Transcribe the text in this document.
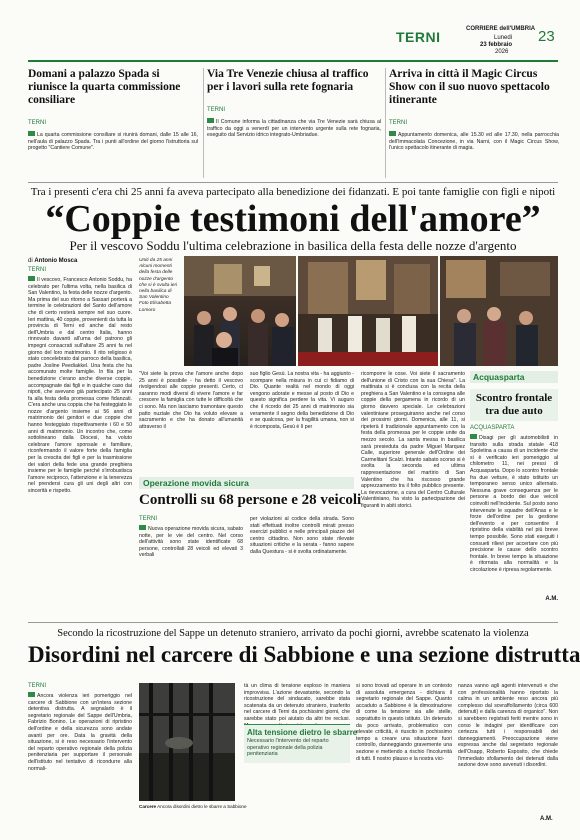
TERNI	CORRIERE dell'UMBRIA
Lunedì
23 febbraio
2026
23
Domani a palazzo Spada si riunisce la quarta commissione consiliare
TERNI
La quarta commissione consiliare si riunirà domani, dalle 15 alle 16, nell'aula di palazzo Spada. Tra i punti all'ordine del giorno l'istruttoria sul progetto "Cantiere Comune".
Via Tre Venezie chiusa al traffico per i lavori sulla rete fognaria
TERNI
Il Comune informa la cittadinanza che via Tre Venezie sarà chiusa al traffico da oggi a venerdì per un intervento urgente sulla rete fognaria, eseguito dal Servizio idrico integrato-Umbriadue.
Arriva in città il Magic Circus Show con il suo nuovo spettacolo itinerante
TERNI
Appuntamento domenica, alle 15.30 ed alle 17.30, nella parrocchia dell'Immacolata Concezione, in via Narni, con il Magic Circus Show, l'unico spettacolo itinerante di magia.
Tra i presenti c'era chi 25 anni fa aveva partecipato alla benedizione dei fidanzati. E poi tante famiglie con figli e nipoti
“Coppie testimoni dell'amore”
Per il vescovo Soddu l'ultima celebrazione in basilica della festa delle nozze d'argento
di Antonio Mosca
TERNI
Il vescovo, Francesco Antonio Soddu, ha celebrato per l'ultima volta, nella basilica di San Valentino, la festa delle nozze d'argento. Ma prima del suo ritorno a Sassari porterà a termine le celebrazioni del Santo dell'amore che di certo resterà sempre nel suo cuore. Ieri mattina, 40 coppie, provenienti da tutta la provincia di Terni ed anche dal resto dell'Umbria e dal centro Italia, hanno rinnovato davanti all'urna del patrono gli impegni consacrati sull'altare 25 anni fa nel giorno del loro matrimonio. Il rito religioso è stato concelebrato dal parroco della basilica, padre Josline Peediakkel. Una festa che ha accomunato molte famiglie. In fila per la benedizione c'erano anche diverse coppie, accompagnate dai figli e in qualche caso dai nipoti, che avevano già partecipato 25 anni fa alla festa della promessa come fidanzati. C'era anche una coppia che ha festeggiato le nozze d'argento insieme ai 56 anni di matrimonio dei genitori e due coppie che hanno festeggiato rispettivamente i 60 e 50 anni di matrimonio. Un incontro che, come sottolineano dalla Diocesi, ha voluto celebrare l'amore sponsale e familiare, riconfermando il valore forte della famiglia per la crescita dei figli e per la trasmissione dei valori della fede una grande preghiera insieme per le famiglie perché s'irrobustisca l'amore reciproco, l'attenzione e la tenerezza nel prendersi cura gli uni degli altri con sincerità e rispetto.
Uniti da 25 anni Alcuni momenti della festa delle nozze d'argento che si è svolta ieri nella basilica di San Valentino Foto Elisabetta Lomoro
"Voi siete la prova che l'amore anche dopo 25 anni è possibile - ha detto il vescovo rivolgendosi alle coppie presenti. Certo, ci saranno modi diversi di vivere l'amore e far crescere la famiglia con tutte le difficoltà che ci sono. Ma non lasciamo tramontare questo patto nuziale che Dio ha voluto elevare a sacramento e che ha donato all'umanità attraverso il
suo figlio Gesù. La nostra vita - ha aggiunto - scompare nella misura in cui ci fidiamo di Dio. Quante realtà nel mondo di oggi vengono adorate e messe al posto di Dio e questo significa perdere la vita. Vi auguro che il ricordo dei 25 anni di matrimonio sia veramente il segno della benedizione di Dio e se qualcosa, per la fragilità umana, non si è ricomposta, Gesù è lì per
ricomporre le cose. Voi siete il sacramento dell'unione di Cristo con la sua Chiesa". La mattinata si è conclusa con la recita della preghiera a San Valentino e la consegna alle coppie della pergamena in ricordo di un giorno davvero speciale. Le celebrazioni valentiniane proseguiranno anche nel corso dei prossimi giorni. Domenica, alle 11, si ripeterà il tradizionale appuntamento con la festa della promessa per le coppie unite da mezzo secolo. La santa messa in basilica sarà presieduta da padre Miguel Marquez Calle, superiore generale dell'Ordine dei Carmelitani Scalzi. Intanto sabato scorso si è svolta la seconda ed ultima rappresentazione del martirio di San Valentino che ha riscosso grande apprezzamento tra il folto pubblico presente. La rievocazione, a cura del Centro Culturale Valentiniano, ha visto la partecipazione dei figuranti in abiti storici.
Operazione movida sicura
Controlli su 68 persone e 28 veicoli
TERNI
Nuova operazione movida sicura, sabato notte, per le vie del centro. Nel corso dell'attività sono state identificate 68 persone, controllati 28 veicoli ed elevati 3 verbali
per violazioni al codice della strada. Sono stati effettuati inoltre controlli mirati presso esercizi pubblici e nelle principali piazze del centro cittadino. Non sono state rilevate situazioni critiche e la serata - fanno sapere dalla Questura - si è svolta ordinatamente.
Acquasparta
Scontro frontale tra due auto
ACQUASPARTA
Disagi per gli automobilisti in transito sulla strada statale 418 Spoletina a causa di un incidente che si è verificato ieri pomeriggio al chilometro 11, nei pressi di Acquasparta. Dopo lo scontro frontale fra due vetture, è stato istituito un temporaneo senso unico alternato. Nessuna grave conseguenza per le persone a bordo dei due veicoli coinvolti nell'incidente. Sul posto sono intervenute le squadre dell'Anas e le forze dell'ordine per la gestione dell'evento e per consentire il ripristino della viabilità nel più breve tempo possibile. Sono stati eseguiti i consueti rilievi per accertare con più precisione le cause dello scontro frontale. In breve tempo la situazione è ritornata alla normalità e la circolazione è ripresa regolarmente.
A.M.
Secondo la ricostruzione del Sappe un detenuto straniero, arrivato da pochi giorni, avrebbe scatenato la violenza
Disordini nel carcere di Sabbione e una sezione distrutta
TERNI
Ancora violenza ieri pomeriggio nel carcere di Sabbione con un'intera sezione detentiva distrutta. A segnalarlo è il segretario regionale del Sappe dell'Umbria, Fabrizio Bonino. Le operazioni di ripristino dell'ordine e della sicurezza sono andate avanti per ore. Data la gravità della situazione, si è reso necessario l'intervento del reparto operativo regionale della polizia penitenziaria per supportare il personale dell'istituto nel tentativo di ricondurre alla normali-
Carcere Ancora disordini dietro le sbarre a Sabbione
tà un clima di tensione esploso in maniera improvvisa. L'azione devastante, secondo la ricostruzione del sindacato, sarebbe stata scatenata da un detenuto straniero, trasferito nel carcere di Terni da pochissimi giorni, che sarebbe stato poi aiutato da altri tre reclusi.
Alta tensione dietro le sbarre
Necessario l'intervento del reparto operativo regionale della polizia penitenziaria
si sono trovati ad operare in un contesto di assoluta emergenza - dichiara il segretario regionale del Sappe. Quanto accaduto a Sabbione è la dimostrazione di come la tensione sia alle stelle, soprattutto in questo istituto. Un detenuto da poco arrivato, problematico con elevate criticità, è riuscito in pochissimo tempo a creare una situazione fuori controllo, danneggiando gravemente una sezione e mettendo a rischio l'incolumità di tutti. Il nostro plauso e la nostra vici-
nanza vanno agli agenti intervenuti e che con professionalità hanno riportato la calma in un ambiente reso ancora più complesso dal sovraffollamento (circa 600 detenuti) e dalla carenza di organico". Non si sarebbero registrati feriti mentre sono in corso le indagini per identificare con certezza tutti i responsabili dei danneggiamenti. Preoccupazione viene espressa anche dal segretario regionale dell'Osapp, Roberto Esposito, che chiede l'immediato sfollamento dei detenuti dalla sezione dove sono avvenuti i disordini.
A.M.
